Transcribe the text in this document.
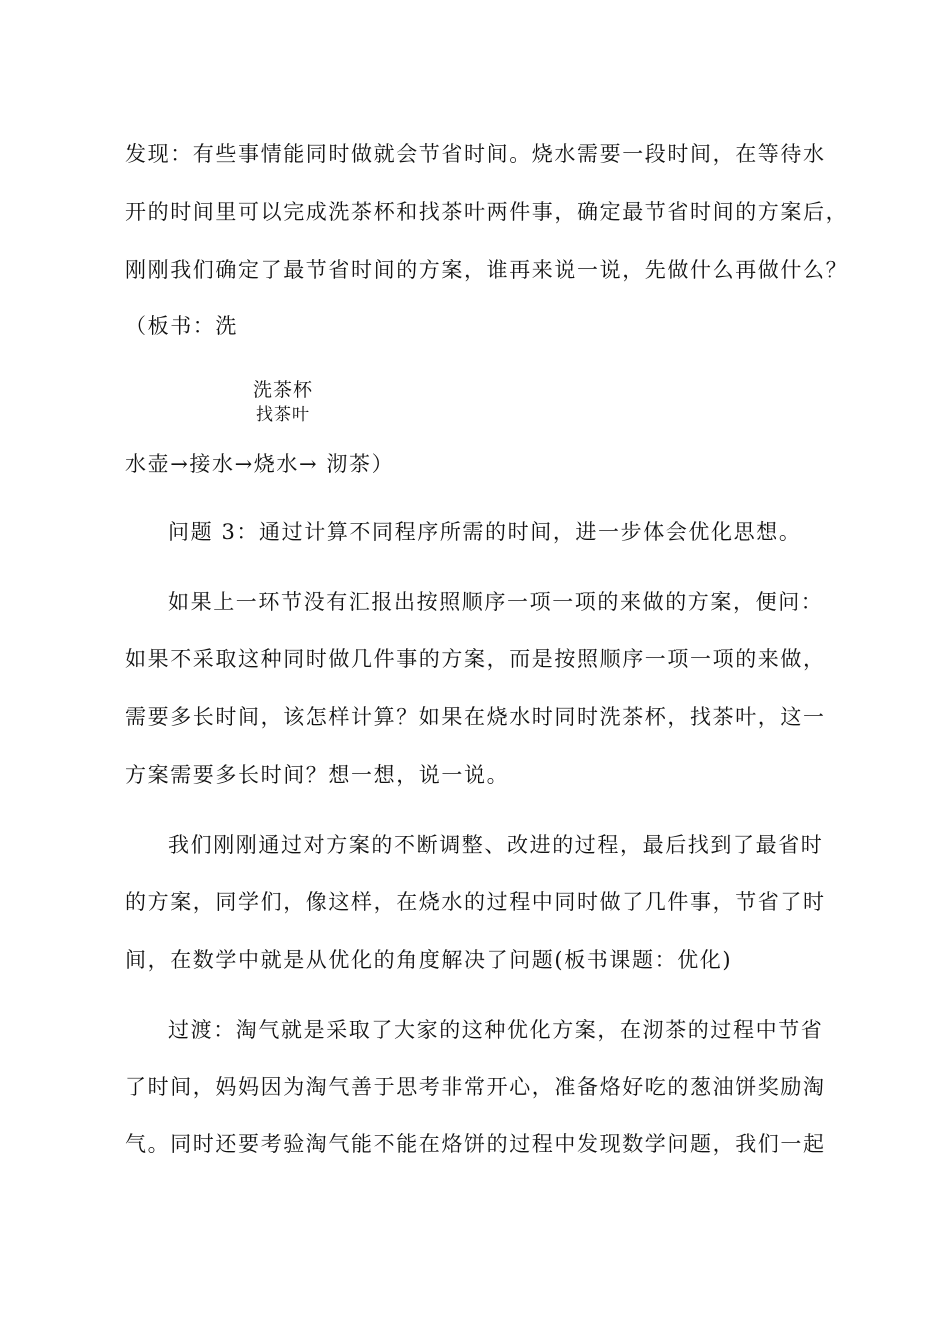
发现：有些事情能同时做就会节省时间。烧水需要一段时间，在等待水
开的时间里可以完成洗茶杯和找茶叶两件事，确定最节省时间的方案后，
刚刚我们确定了最节省时间的方案，谁再来说一说，先做什么再做什么？
（板书：洗
洗茶杯
找茶叶
水壶→接水→烧水→ 沏茶）
问题 3：通过计算不同程序所需的时间，进一步体会优化思想。
如果上一环节没有汇报出按照顺序一项一项的来做的方案，便问：
如果不采取这种同时做几件事的方案，而是按照顺序一项一项的来做，
需要多长时间，该怎样计算？如果在烧水时同时洗茶杯，找茶叶，这一
方案需要多长时间？想一想，说一说。
我们刚刚通过对方案的不断调整、改进的过程，最后找到了最省时
的方案，同学们，像这样，在烧水的过程中同时做了几件事，节省了时
间，在数学中就是从优化的角度解决了问题(板书课题：优化)
过渡：淘气就是采取了大家的这种优化方案，在沏茶的过程中节省
了时间，妈妈因为淘气善于思考非常开心，准备烙好吃的葱油饼奖励淘
气。同时还要考验淘气能不能在烙饼的过程中发现数学问题，我们一起
